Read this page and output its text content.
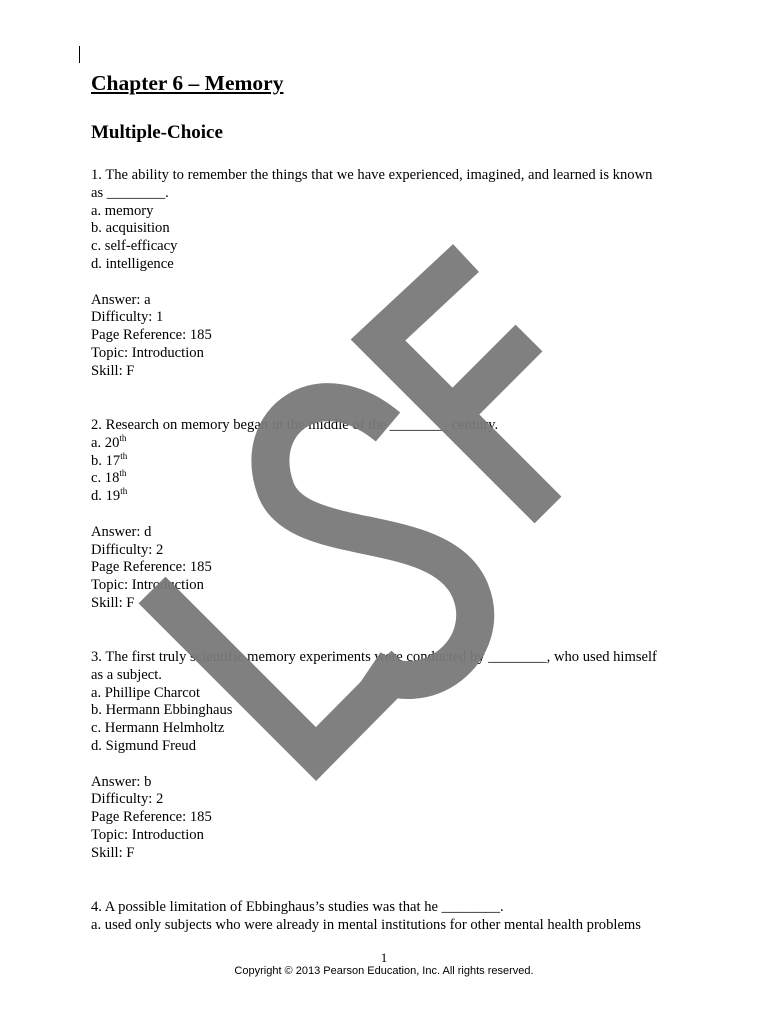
Chapter 6 – Memory
Multiple-Choice
1. The ability to remember the things that we have experienced, imagined, and learned is known
as ________.
a. memory
b. acquisition
c. self-efficacy
d. intelligence
Answer: a
Difficulty: 1
Page Reference: 185
Topic: Introduction
Skill: F
2. Research on memory began in the middle of the ________ century.
a. 20th
b. 17th
c. 18th
d. 19th
Answer: d
Difficulty: 2
Page Reference: 185
Topic: Introduction
Skill: F
3. The first truly scientific memory experiments were conducted by ________, who used himself
as a subject.
a. Phillipe Charcot
b. Hermann Ebbinghaus
c. Hermann Helmholtz
d. Sigmund Freud
Answer: b
Difficulty: 2
Page Reference: 185
Topic: Introduction
Skill: F
4. A possible limitation of Ebbinghaus’s studies was that he ________.
a. used only subjects who were already in mental institutions for other mental health problems
1
Copyright © 2013 Pearson Education, Inc. All rights reserved.
